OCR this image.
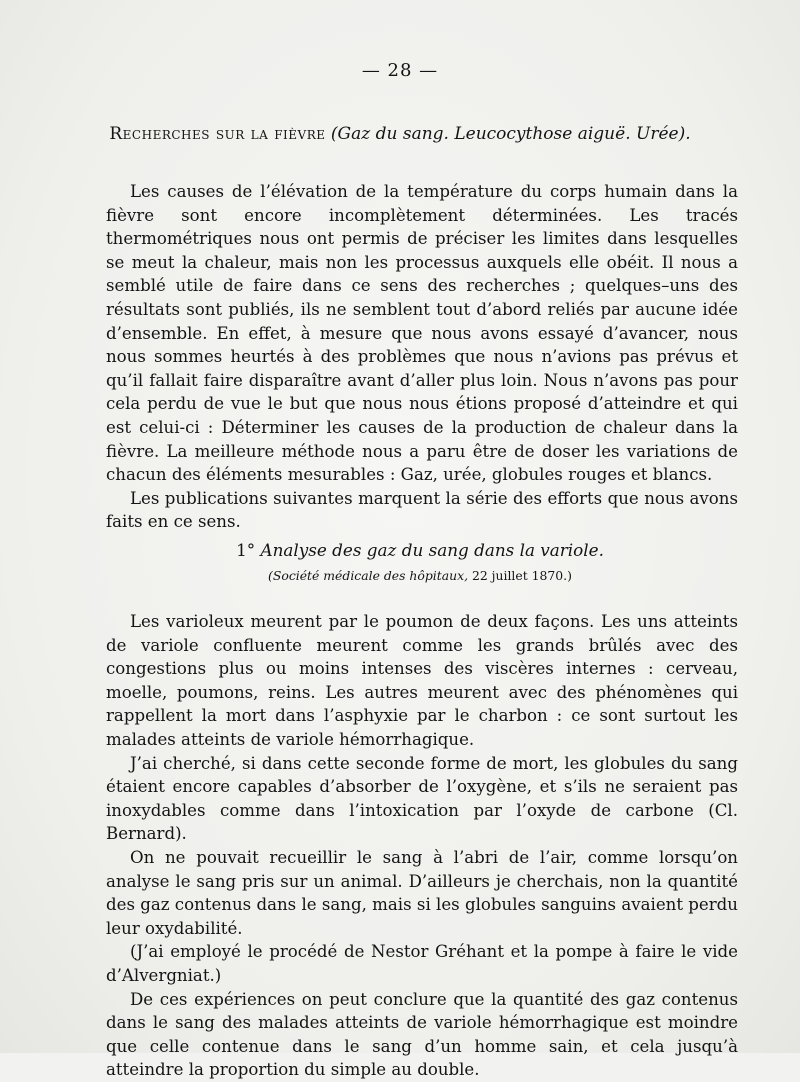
— 28 —
Recherches sur la fièvre (Gaz du sang. Leucocythose aiguë. Urée).

Les causes de l’élévation de la température du corps humain dans la fièvre sont encore incomplètement déterminées. Les tracés thermométriques nous ont permis de préciser les limites dans lesquelles se meut la chaleur, mais non les processus auxquels elle obéit. Il nous a semblé utile de faire dans ce sens des recherches ; quelques–uns des résultats sont publiés, ils ne semblent tout d’abord reliés par aucune idée d’ensemble. En effet, à mesure que nous avons essayé d’avancer, nous nous sommes heurtés à des problèmes que nous n’avions pas prévus et qu’il fallait faire disparaître avant d’aller plus loin. Nous n’avons pas pour cela perdu de vue le but que nous nous étions proposé d’atteindre et qui est celui-ci : Déterminer les causes de la production de chaleur dans la fièvre. La meilleure méthode nous a paru être de doser les variations de chacun des éléments mesurables : Gaz, urée, globules rouges et blancs.

Les publications suivantes marquent la série des efforts que nous avons faits en ce sens.

1° Analyse des gaz du sang dans la variole.
(Société médicale des hôpitaux, 22 juillet 1870.)

Les varioleux meurent par le poumon de deux façons. Les uns atteints de variole confluente meurent comme les grands brûlés avec des congestions plus ou moins intenses des viscères internes : cerveau, moelle, poumons, reins. Les autres meurent avec des phénomènes qui rappellent la mort dans l’asphyxie par le charbon : ce sont surtout les malades atteints de variole hémorrhagique.

J’ai cherché, si dans cette seconde forme de mort, les globules du sang étaient encore capables d’absorber de l’oxygène, et s’ils ne seraient pas inoxydables comme dans l’intoxication par l’oxyde de carbone (Cl. Bernard).

On ne pouvait recueillir le sang à l’abri de l’air, comme lorsqu’on analyse le sang pris sur un animal. D’ailleurs je cherchais, non la quantité des gaz contenus dans le sang, mais si les globules sanguins avaient perdu leur oxydabilité.

(J’ai employé le procédé de Nestor Gréhant et la pompe à faire le vide d’Alvergniat.)

De ces expériences on peut conclure que la quantité des gaz contenus dans le sang des malades atteints de variole hémorrhagique est moindre que celle contenue dans le sang d’un homme sain, et cela jusqu’à atteindre la proportion du simple au double.
